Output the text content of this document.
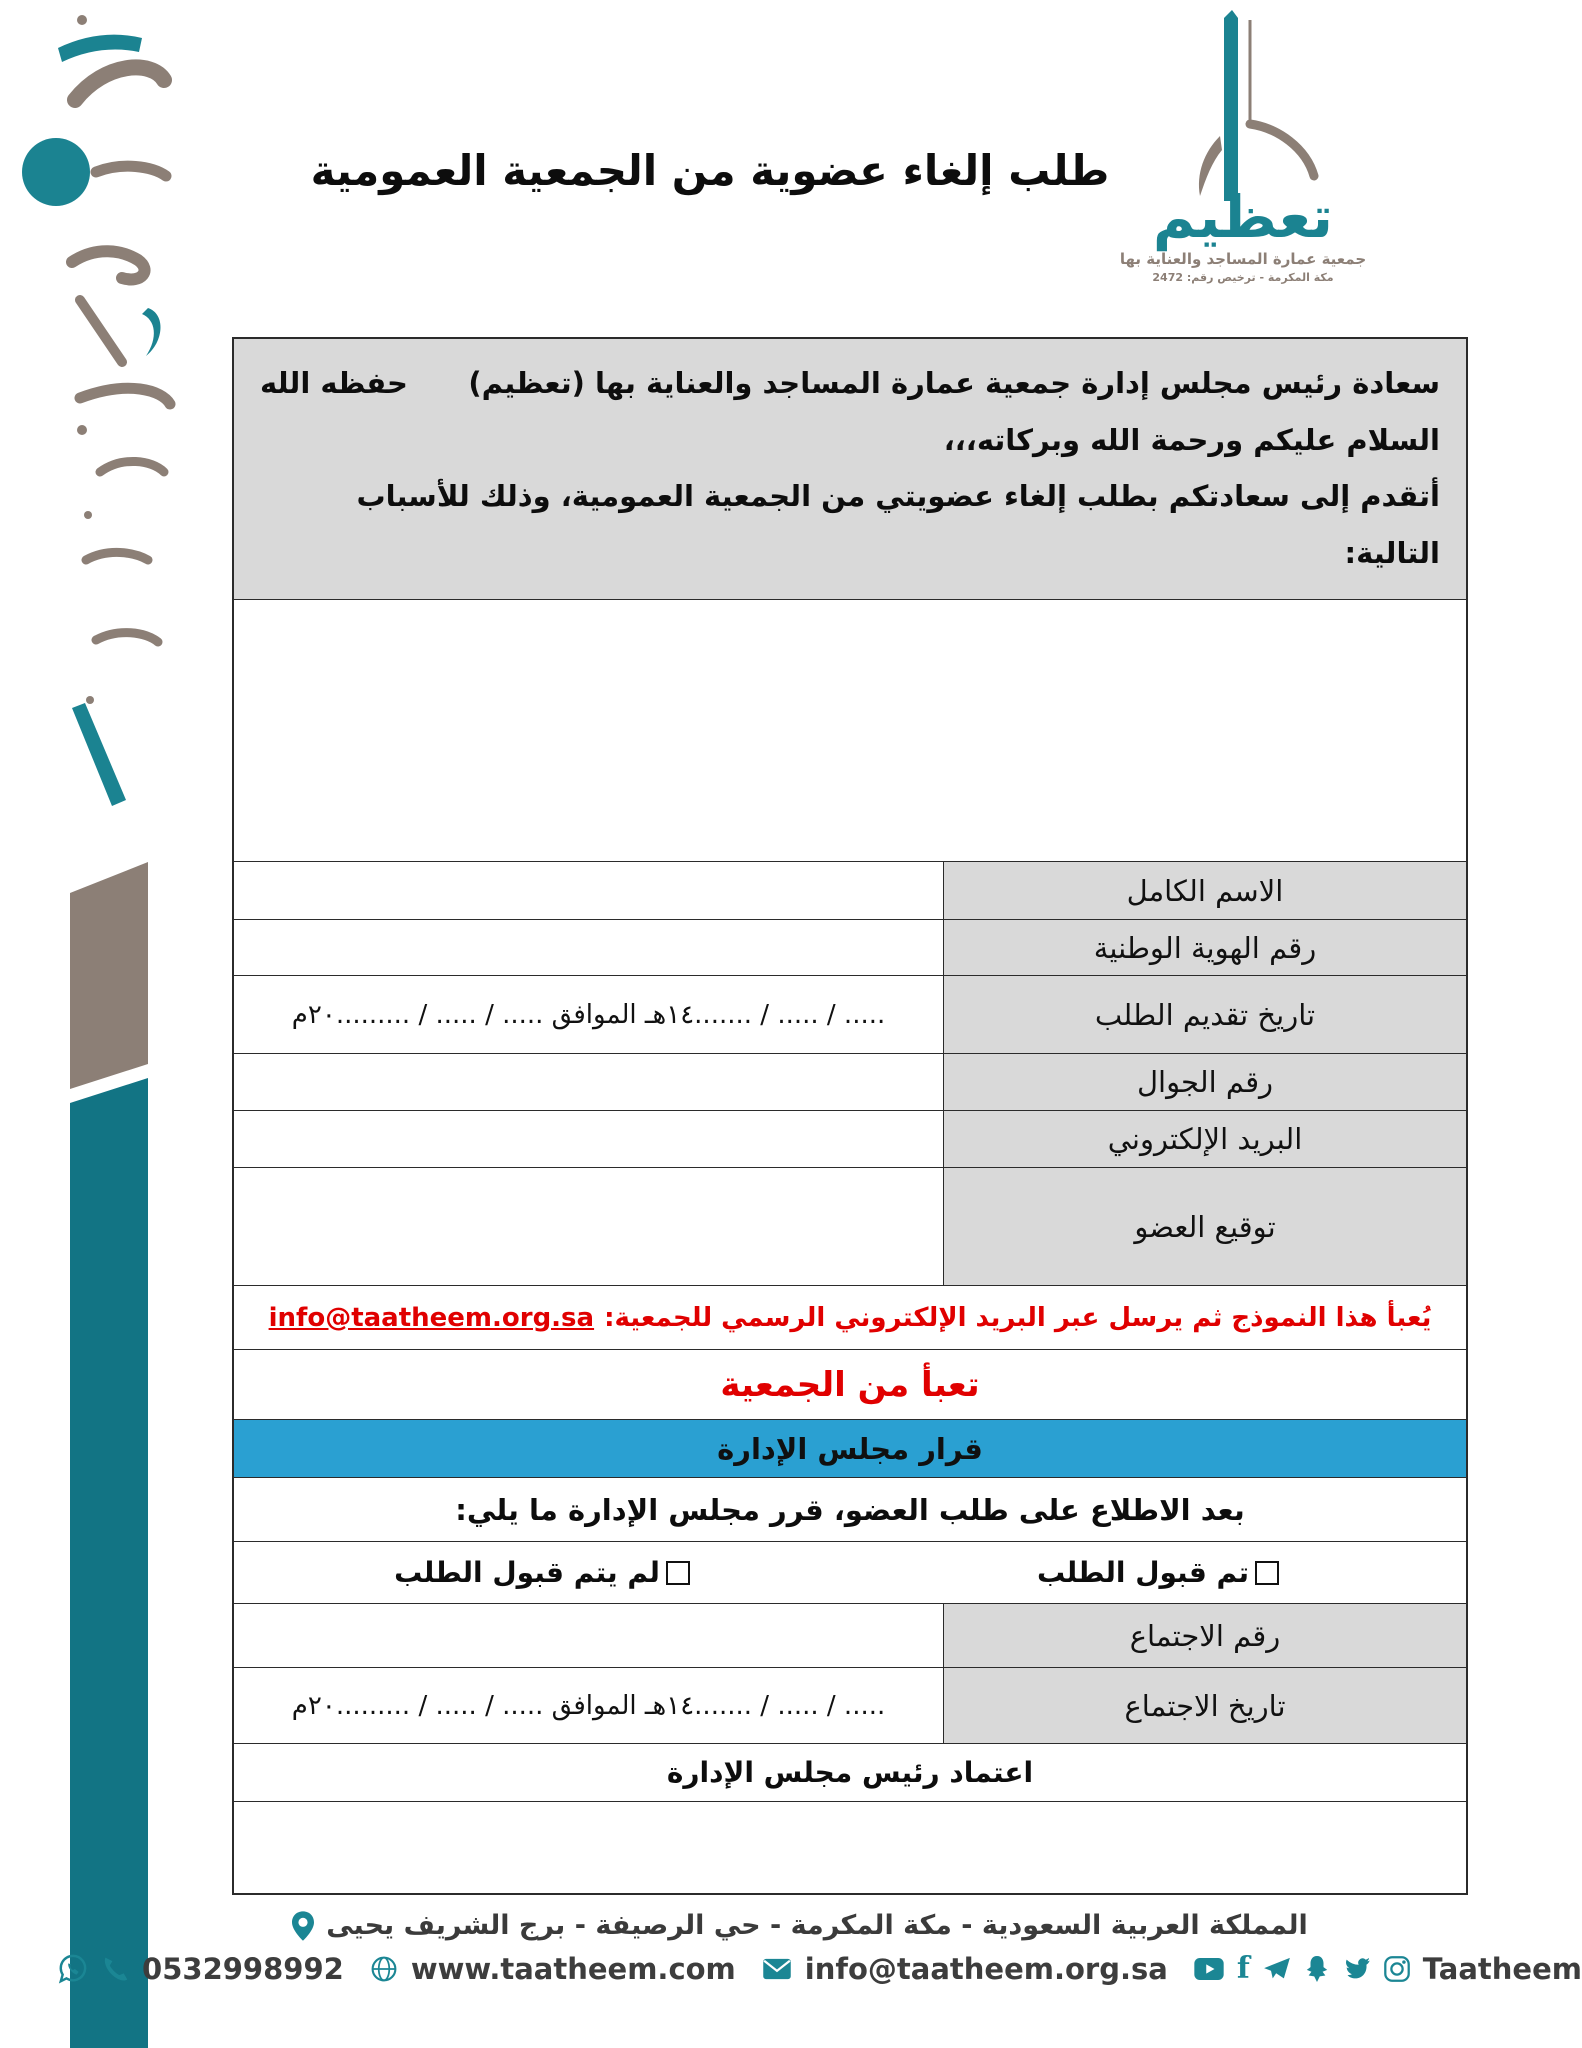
تعظيم
جمعية عمارة المساجد والعناية بها
مكة المكرمة - ترخيص رقم: 2472
طلب إلغاء عضوية من الجمعية العمومية
سعادة رئيس مجلس إدارة جمعية عمارة المساجد والعناية بها (تعظيم)
حفظه الله
السلام عليكم ورحمة الله وبركاته،،،
أتقدم إلى سعادتكم بطلب إلغاء عضويتي من الجمعية العمومية، وذلك للأسباب التالية:
الاسم الكامل
رقم الهوية الوطنية
تاريخ تقديم الطلب
..... / ..... / .......١٤هـ الموافق ..... / ..... / .........٢٠م
رقم الجوال
البريد الإلكتروني
توقيع العضو
يُعبأ هذا النموذج ثم يرسل عبر البريد الإلكتروني الرسمي للجمعية:
info@taatheem.org.sa
تعبأ من الجمعية
قرار مجلس الإدارة
بعد الاطلاع على طلب العضو، قرر مجلس الإدارة ما يلي:
تم قبول الطلب
لم يتم قبول الطلب
رقم الاجتماع
تاريخ الاجتماع
..... / ..... / .......١٤هـ الموافق ..... / ..... / .........٢٠م
اعتماد رئيس مجلس الإدارة
المملكة العربية السعودية - مكة المكرمة - حي الرصيفة - برج الشريف يحيى
0532998992 www.taatheem.com info@taatheem.org.sa f	Taatheem
